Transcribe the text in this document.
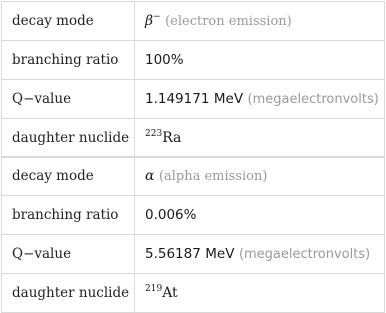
decay mode	β− (electron emission)
branching ratio	100%
Q−value	1.149171 MeV (megaelectronvolts)
daughter nuclide	$^{223}$Ra
decay mode	α (alpha emission)
branching ratio	0.006%
Q−value	5.56187 MeV (megaelectronvolts)
daughter nuclide	$^{219}$At
